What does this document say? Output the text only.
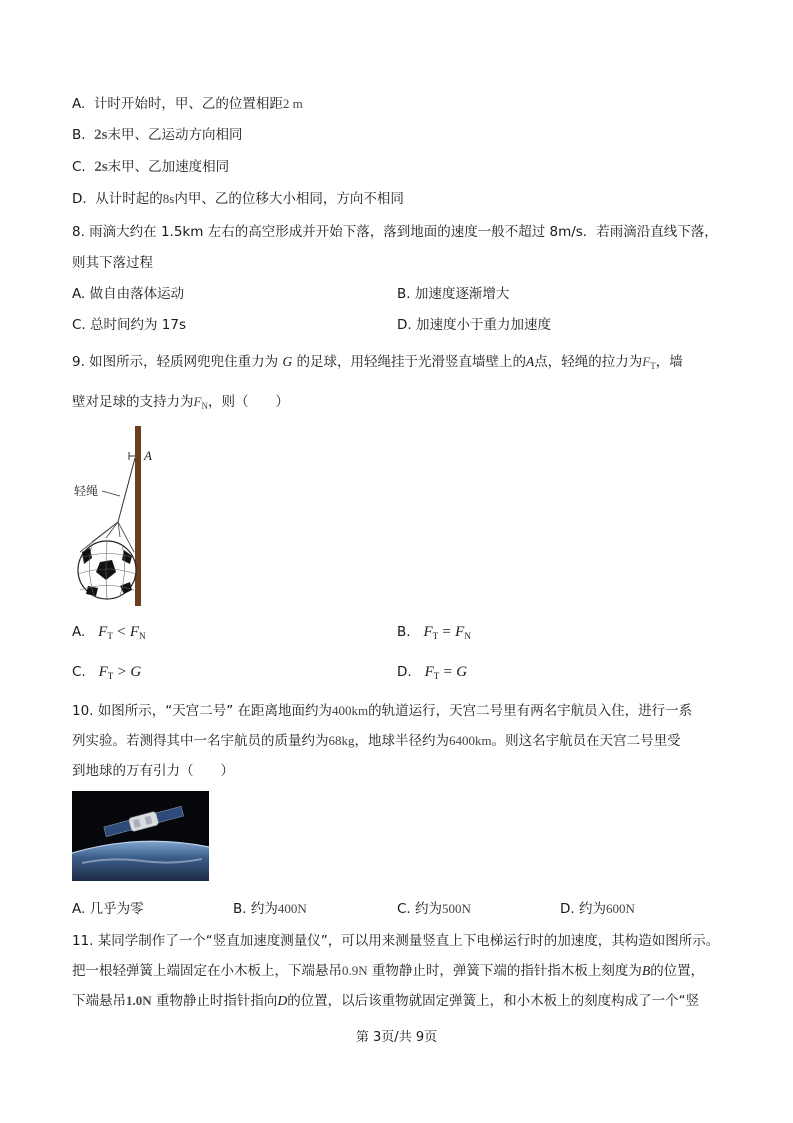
A. 计时开始时，甲、乙的位置相距2 m
B. 2s末甲、乙运动方向相同
C. 2s末甲、乙加速度相同
D. 从计时起的8s内甲、乙的位移大小相同，方向不相同
8. 雨滴大约在 1.5km 左右的高空形成并开始下落，落到地面的速度一般不超过 8m/s．若雨滴沿直线下落，
则其下落过程
A. 做自由落体运动	B. 加速度逐渐增大
C. 总时间约为 17s	D. 加速度小于重力加速度
9. 如图所示，轻质网兜兜住重力为 G 的足球，用轻绳挂于光滑竖直墙壁上的A点，轻绳的拉力为$F_T$，墙
壁对足球的支持力为$F_N$，则（　　）
A
轻绳
A. $F_T < F_N$	B. $F_T = F_N$
C. $F_T > G$	D. $F_T = G$
10. 如图所示，“天宫二号” 在距离地面约为400km的轨道运行，天宫二号里有两名宇航员入住，进行一系
列实验。若测得其中一名宇航员的质量约为68kg，地球半径约为6400km。则这名宇航员在天宫二号里受
到地球的万有引力（　　）
A. 几乎为零	B. 约为400N	C. 约为500N	D. 约为600N
11. 某同学制作了一个“竖直加速度测量仪”，可以用来测量竖直上下电梯运行时的加速度，其构造如图所示。
把一根轻弹簧上端固定在小木板上，下端悬吊0.9N 重物静止时，弹簧下端的指针指木板上刻度为B的位置，
下端悬吊1.0N 重物静止时指针指向D的位置，以后该重物就固定弹簧上，和小木板上的刻度构成了一个“竖
第 3页/共 9页
